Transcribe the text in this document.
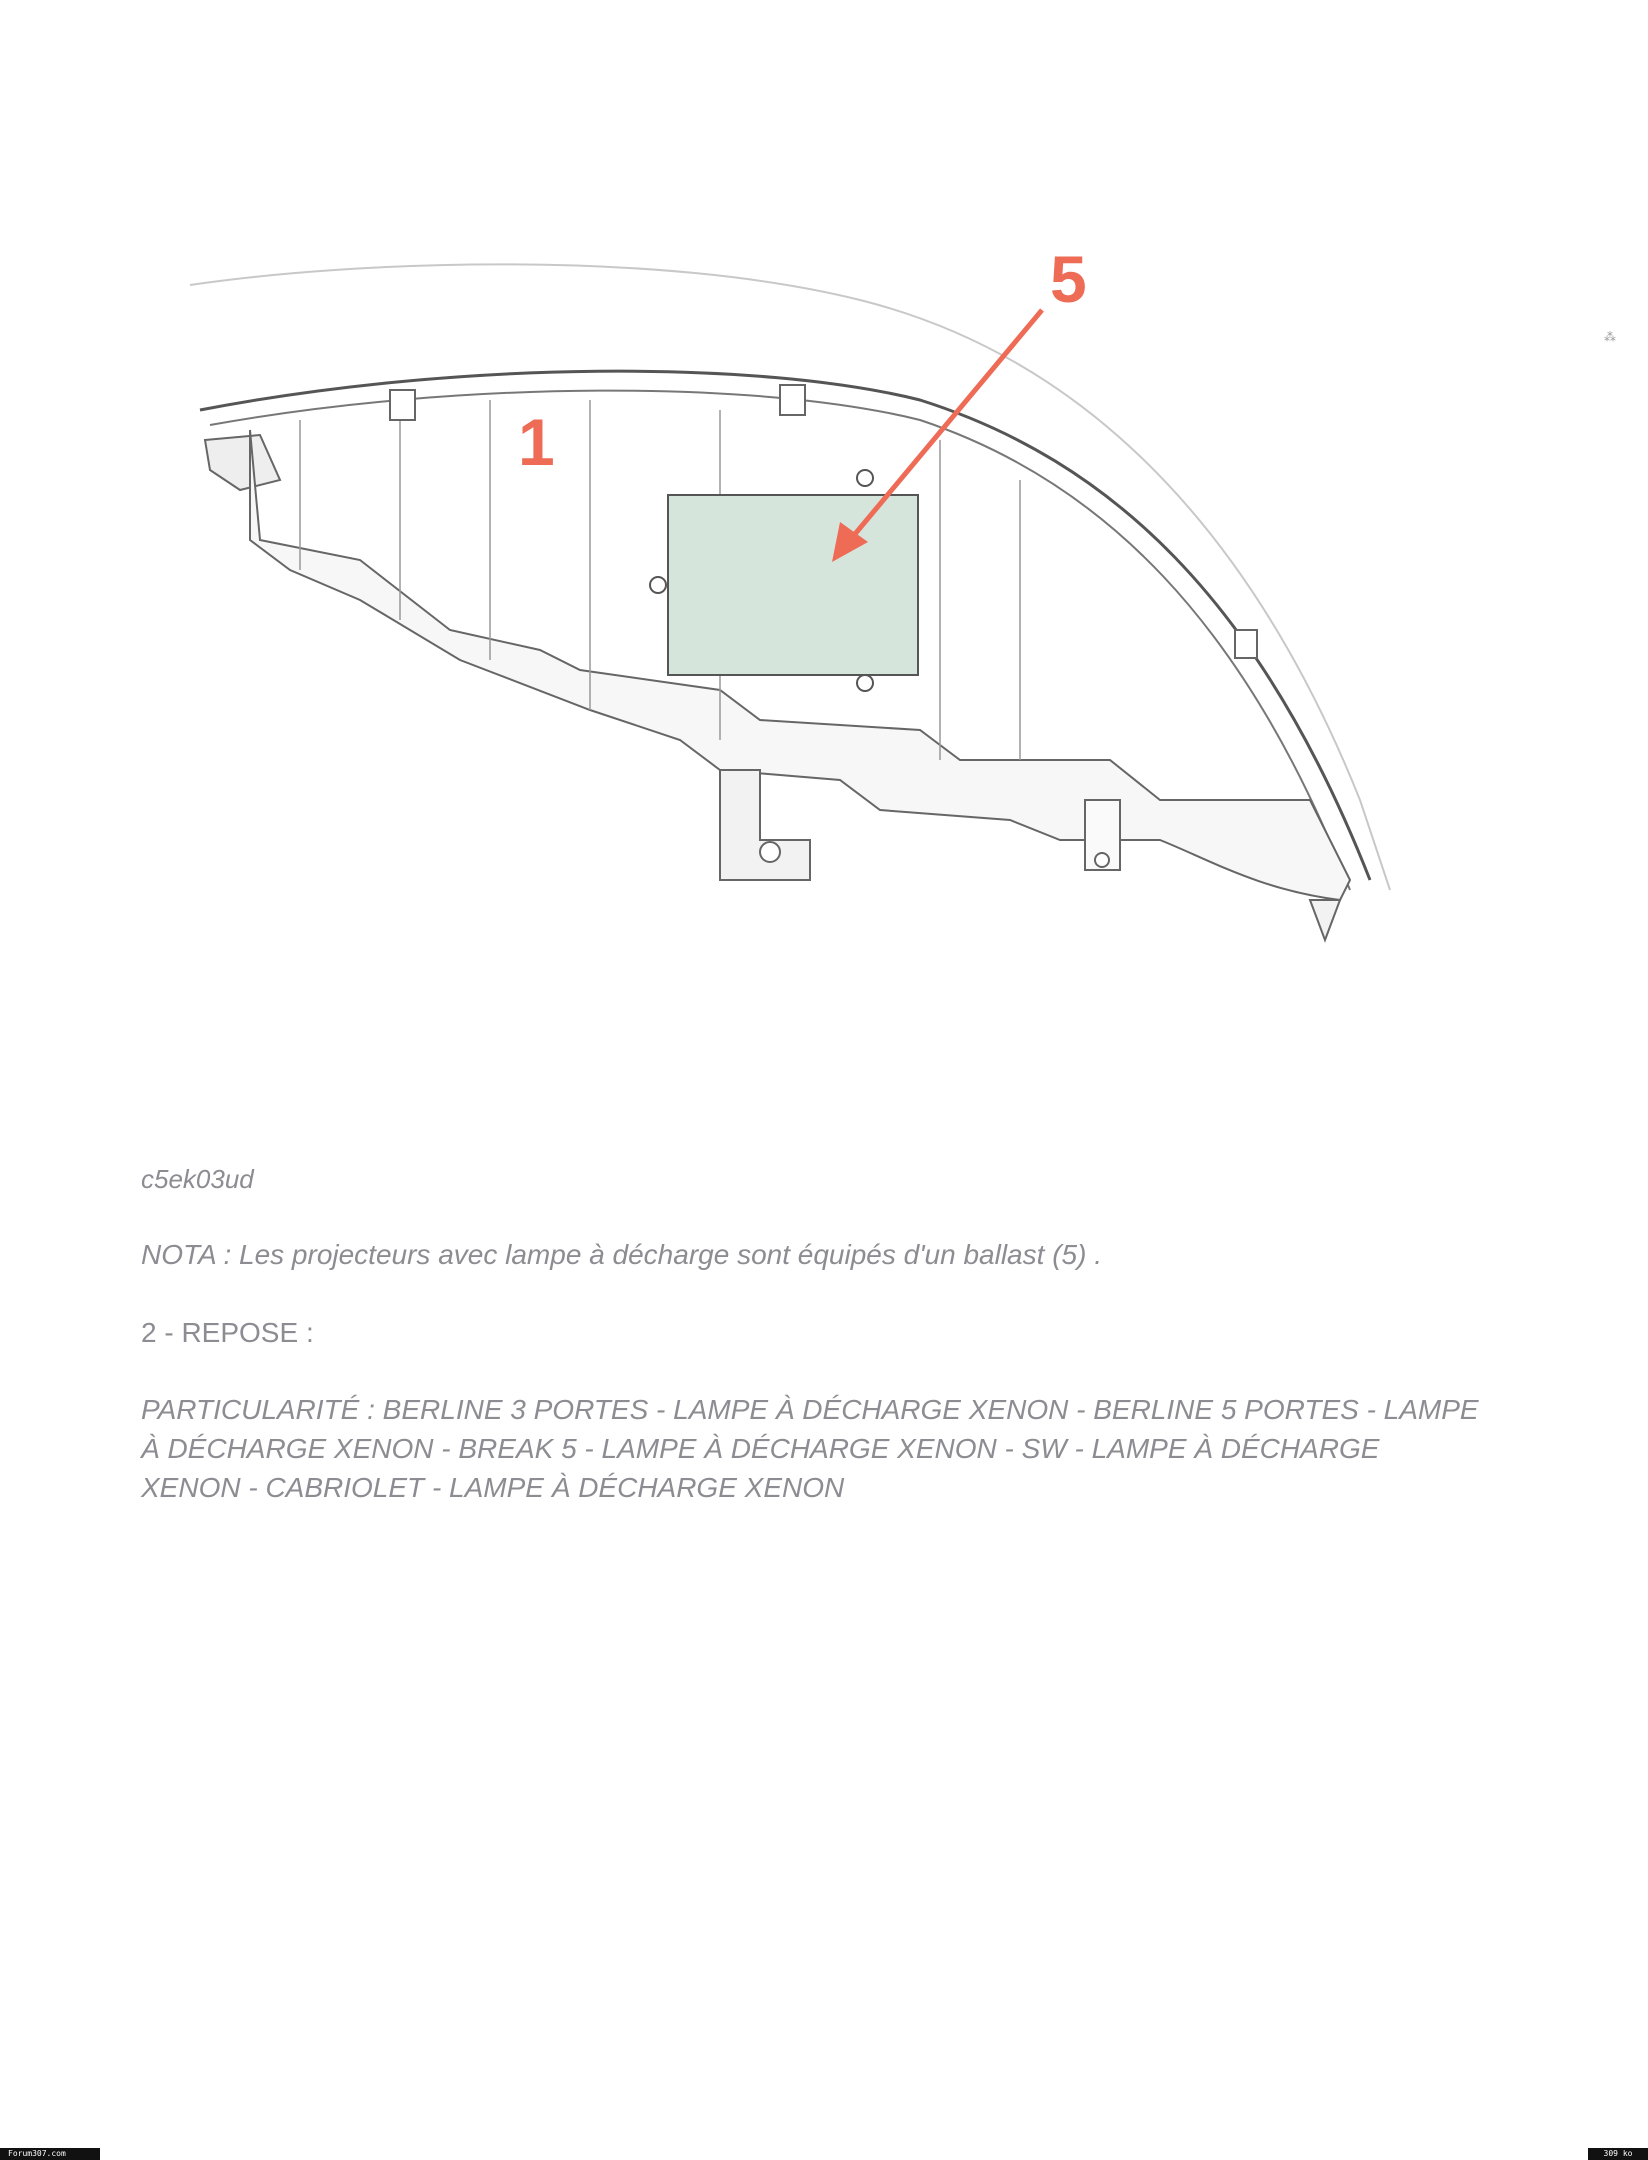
1
5
⁂
c5ek03ud
NOTA : Les projecteurs avec lampe à décharge sont équipés d'un ballast (5) .
2 - REPOSE :
PARTICULARITÉ : BERLINE 3 PORTES - LAMPE À DÉCHARGE XENON - BERLINE 5 PORTES - LAMPE À DÉCHARGE XENON - BREAK 5 - LAMPE À DÉCHARGE XENON - SW - LAMPE À DÉCHARGE XENON - CABRIOLET - LAMPE À DÉCHARGE XENON
Forum307.com	309 ko
